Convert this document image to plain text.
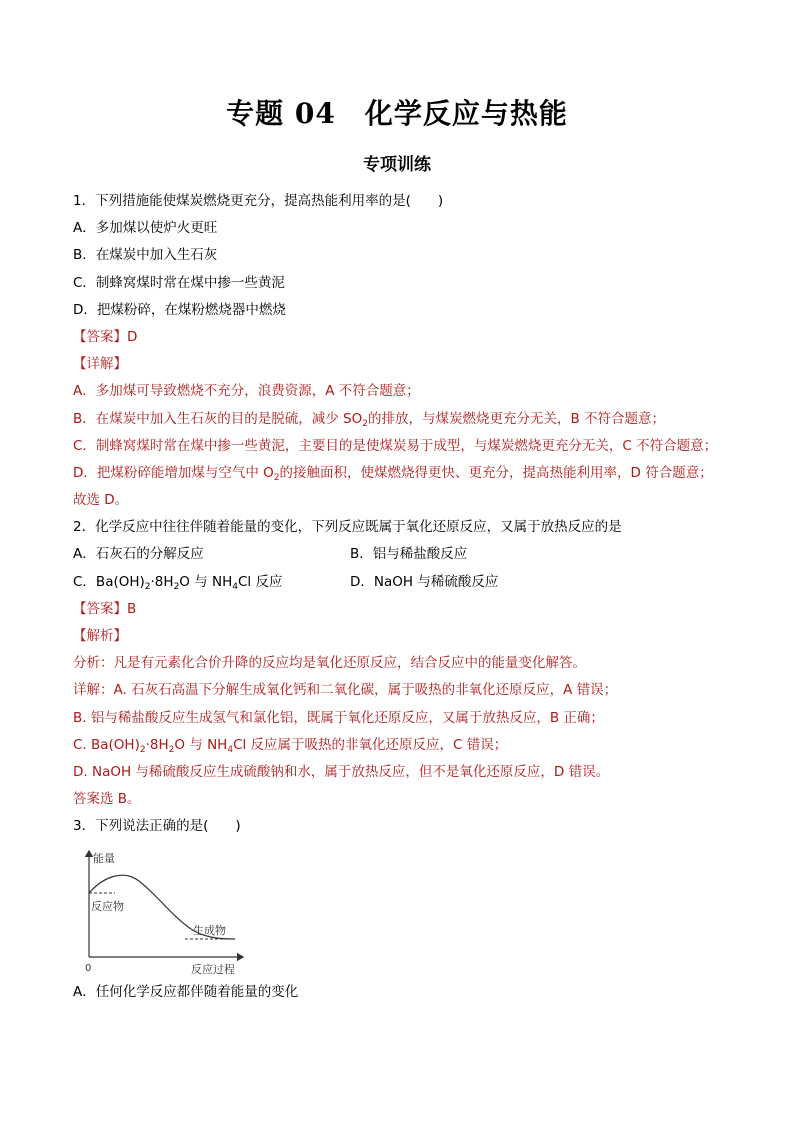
专题 04　化学反应与热能
专项训练
1．下列措施能使煤炭燃烧更充分，提高热能利用率的是(　　)
A．多加煤以使炉火更旺
B．在煤炭中加入生石灰
C．制蜂窝煤时常在煤中掺一些黄泥
D．把煤粉碎，在煤粉燃烧器中燃烧
【答案】D
【详解】
A．多加煤可导致燃烧不充分，浪费资源，A 不符合题意；
B．在煤炭中加入生石灰的目的是脱硫，减少 $SO_2$的排放，与煤炭燃烧更充分无关，B 不符合题意；
C．制蜂窝煤时常在煤中掺一些黄泥，主要目的是使煤炭易于成型，与煤炭燃烧更充分无关，C 不符合题意；
D．把煤粉碎能增加煤与空气中 $O_2$的接触面积，使煤燃烧得更快、更充分，提高热能利用率，D 符合题意；
故选 D。
2．化学反应中往往伴随着能量的变化，下列反应既属于氧化还原反应，又属于放热反应的是
A．石灰石的分解反应	B．铝与稀盐酸反应
C．$Ba(OH)_2\cdot 8H_2O$ 与 $NH_4Cl$ 反应	D．NaOH 与稀硫酸反应
【答案】B
【解析】
分析：凡是有元素化合价升降的反应均是氧化还原反应，结合反应中的能量变化解答。
详解：A. 石灰石高温下分解生成氧化钙和二氧化碳，属于吸热的非氧化还原反应，A 错误；
B. 铝与稀盐酸反应生成氢气和氯化铝，既属于氧化还原反应，又属于放热反应，B 正确；
C. $Ba(OH)_2\cdot 8H_2O$ 与 $NH_4Cl$ 反应属于吸热的非氧化还原反应，C 错误；
D. NaOH 与稀硫酸反应生成硫酸钠和水，属于放热反应，但不是氧化还原反应，D 错误。
答案选 B。
3．下列说法正确的是(　　)
能量
反应物
生成物
0	反应过程
A．任何化学反应都伴随着能量的变化
